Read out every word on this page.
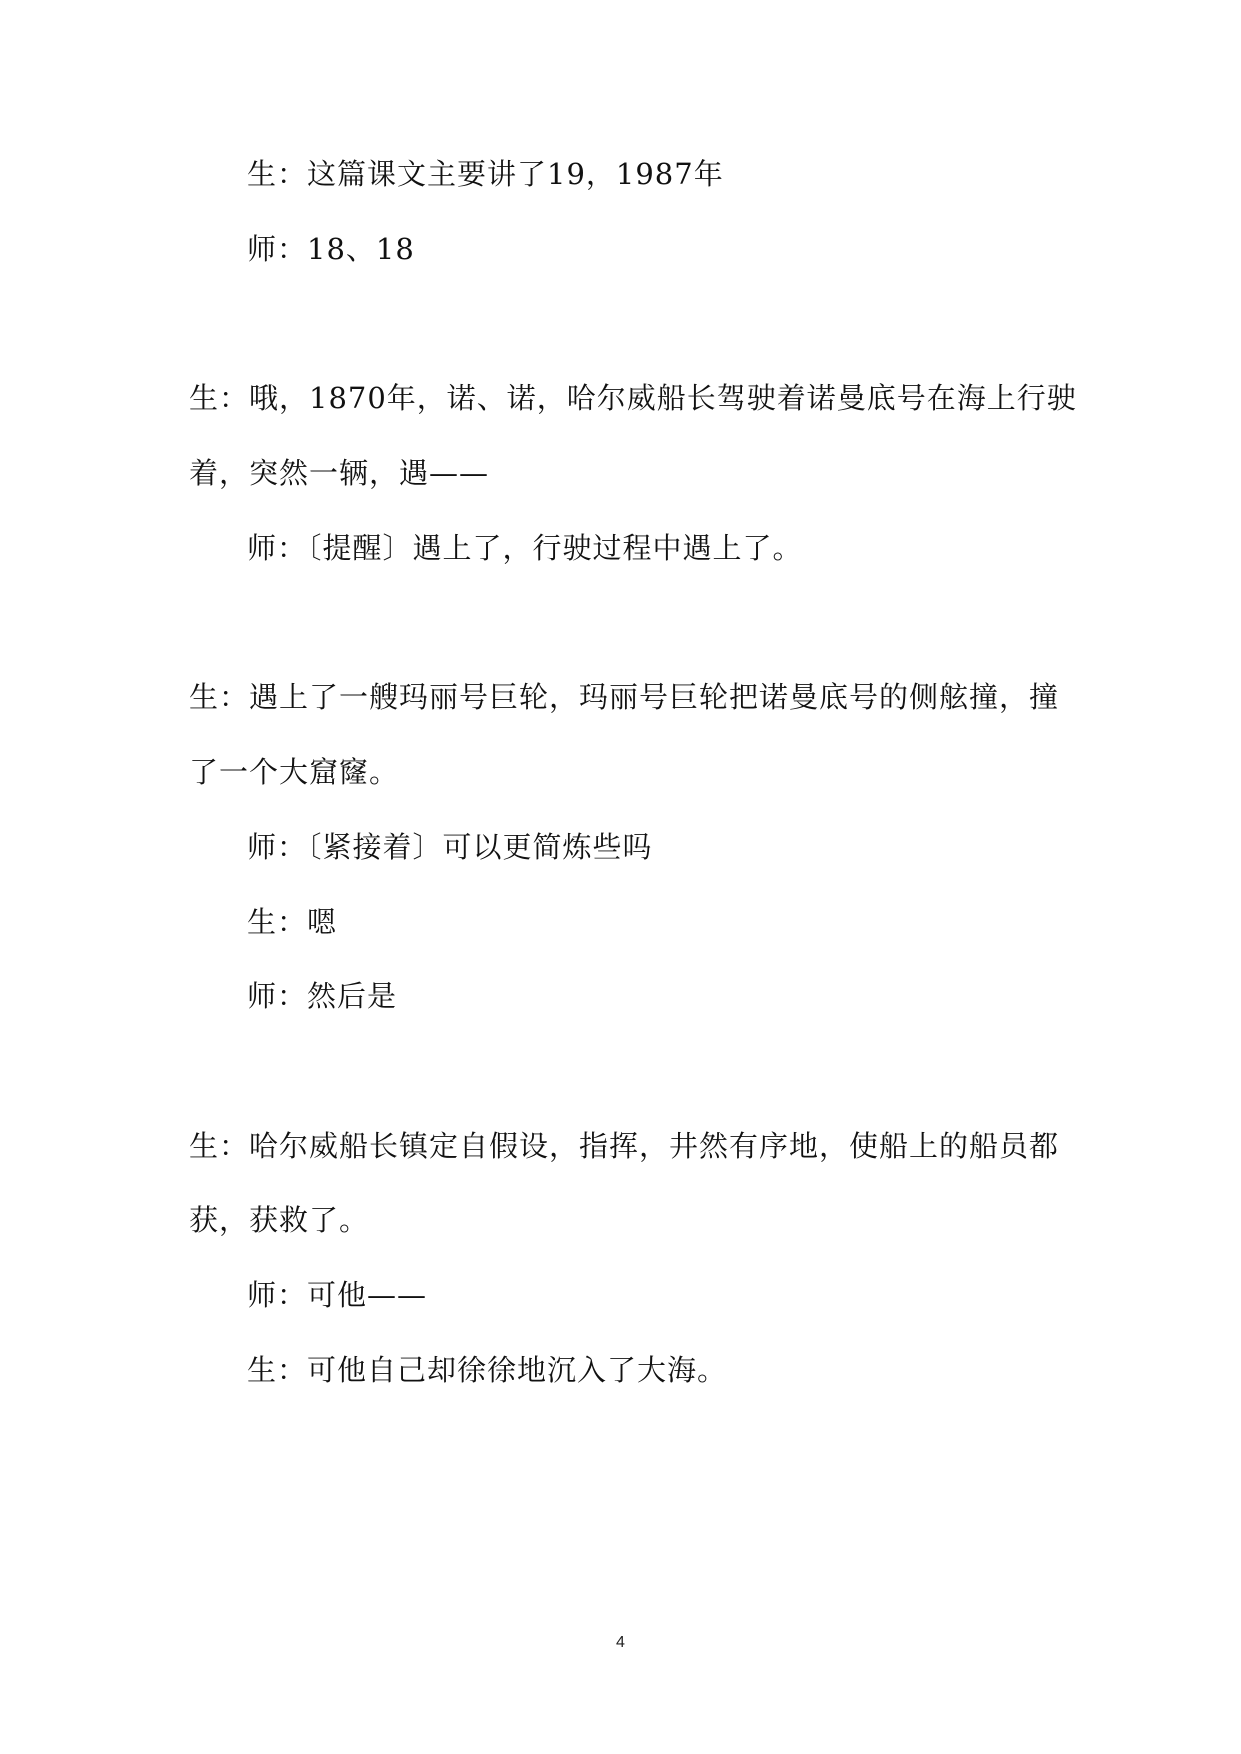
生：这篇课文主要讲了19，1987年
师：18、18
生：哦，1870年，诺、诺，哈尔威船长驾驶着诺曼底号在海上行驶
着，突然一辆，遇——
师：〔提醒〕遇上了，行驶过程中遇上了。
生：遇上了一艘玛丽号巨轮，玛丽号巨轮把诺曼底号的侧舷撞，撞
了一个大窟窿。
师：〔紧接着〕可以更简炼些吗
生：嗯
师：然后是
生：哈尔威船长镇定自假设，指挥，井然有序地，使船上的船员都
获，获救了。
师：可他——
生：可他自己却徐徐地沉入了大海。
4
